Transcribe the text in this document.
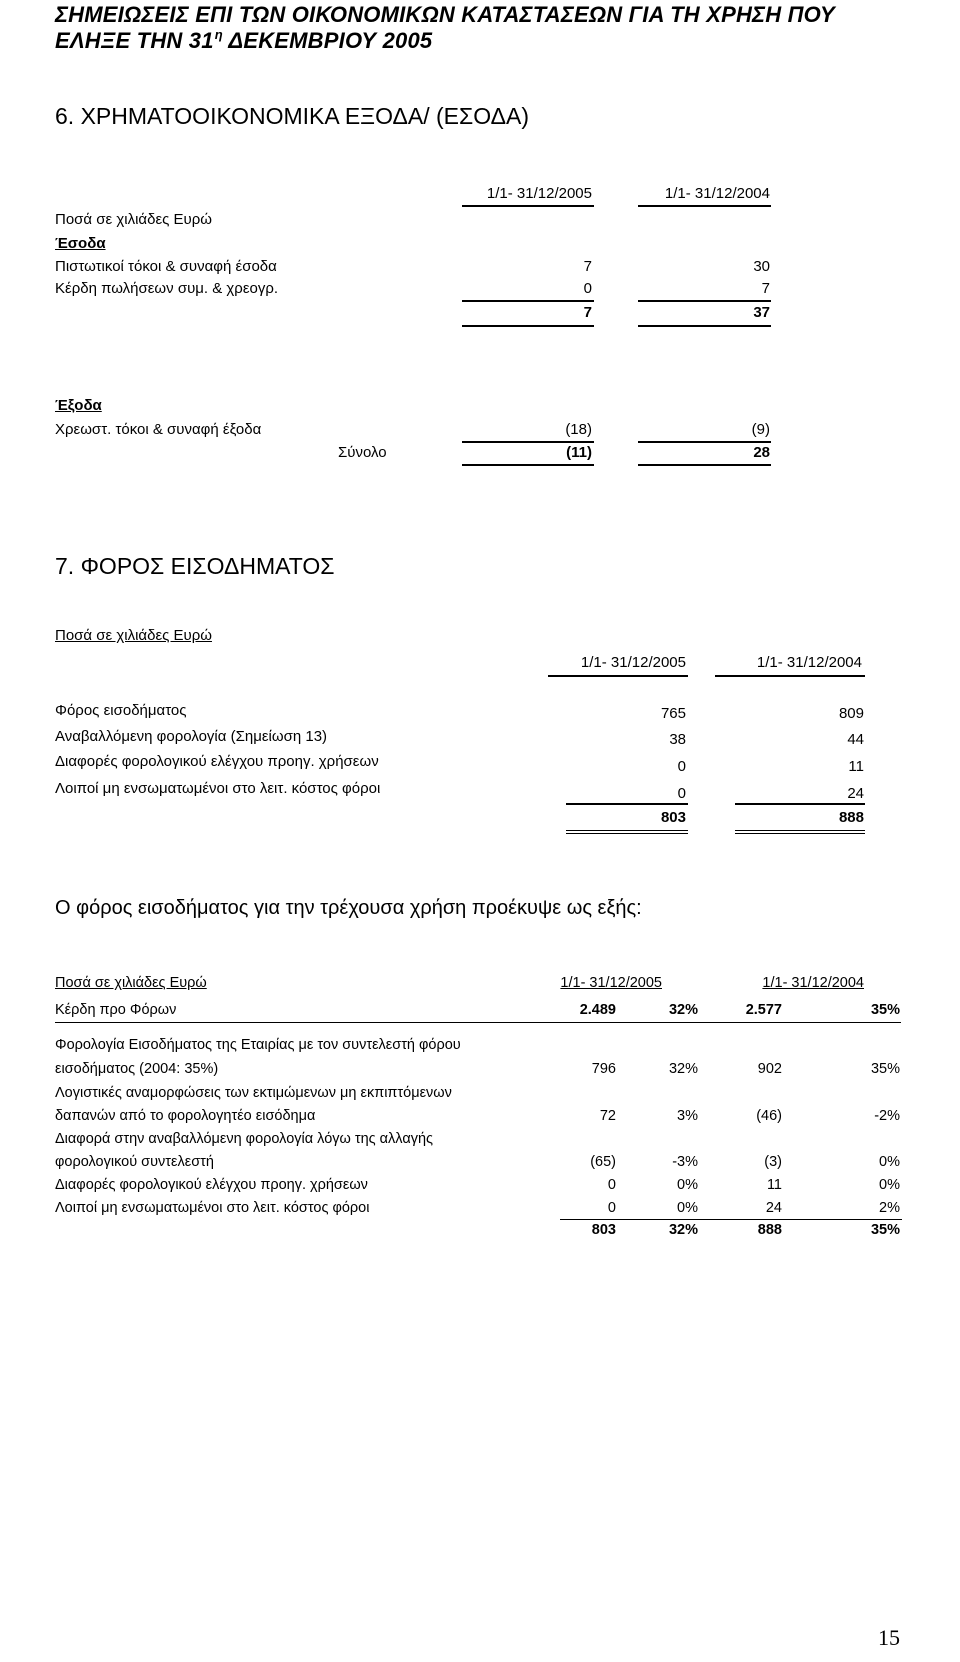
ΣΗΜΕΙΩΣΕΙΣ ΕΠΙ ΤΩΝ ΟΙΚΟΝΟΜΙΚΩΝ ΚΑΤΑΣΤΑΣΕΩΝ ΓΙΑ ΤΗ ΧΡΗΣΗ ΠΟΥ
ΕΛΗΞΕ ΤΗΝ $31^\eta$ ΔΕΚΕΜΒΡΙΟΥ 2005
6. ΧΡΗΜΑΤΟΟΙΚΟΝΟΜΙΚΑ ΕΞΟΔΑ/ (ΕΣΟΔΑ)
1/1- 31/12/2005	1/1- 31/12/2004
Ποσά σε χιλιάδες Ευρώ
Έσοδα
Πιστωτικοί τόκοι & συναφή έσοδα	7	30
Κέρδη πωλήσεων συμ. & χρεογρ.	0	7
7	37
Έξοδα
Χρεωστ. τόκοι & συναφή έξοδα	(18)	(9)
Σύνολο	(11)	28
7. ΦΟΡΟΣ ΕΙΣΟΔΗΜΑΤΟΣ
Ποσά σε χιλιάδες Ευρώ
1/1- 31/12/2005	1/1- 31/12/2004
Φόρος εισοδήματος	765	809
Αναβαλλόμενη φορολογία (Σημείωση 13)	38	44
Διαφορές φορολογικού ελέγχου προηγ. χρήσεων	0	11
Λοιποί μη ενσωματωμένοι στο λειτ. κόστος φόροι	0	24
803	888
Ο φόρος εισοδήματος για την τρέχουσα χρήση προέκυψε ως εξής:
Ποσά σε χιλιάδες Ευρώ	1/1- 31/12/2005	1/1- 31/12/2004
Κέρδη προ Φόρων	2.489	32%	2.577	35%
Φορολογία Εισοδήματος της Εταιρίας με τον συντελεστή φόρου
εισοδήματος (2004: 35%)	796	32%	902	35%
Λογιστικές αναμορφώσεις των εκτιμώμενων μη εκπιπτόμενων
δαπανών από το φορολογητέο εισόδημα	72	3%	(46)	-2%
Διαφορά στην αναβαλλόμενη φορολογία λόγω της αλλαγής
φορολογικού συντελεστή	(65)	-3%	(3)	0%
Διαφορές φορολογικού ελέγχου προηγ. χρήσεων	0	0%	11	0%
Λοιποί μη ενσωματωμένοι στο λειτ. κόστος φόροι	0	0%	24	2%
803	32%	888	35%
15
